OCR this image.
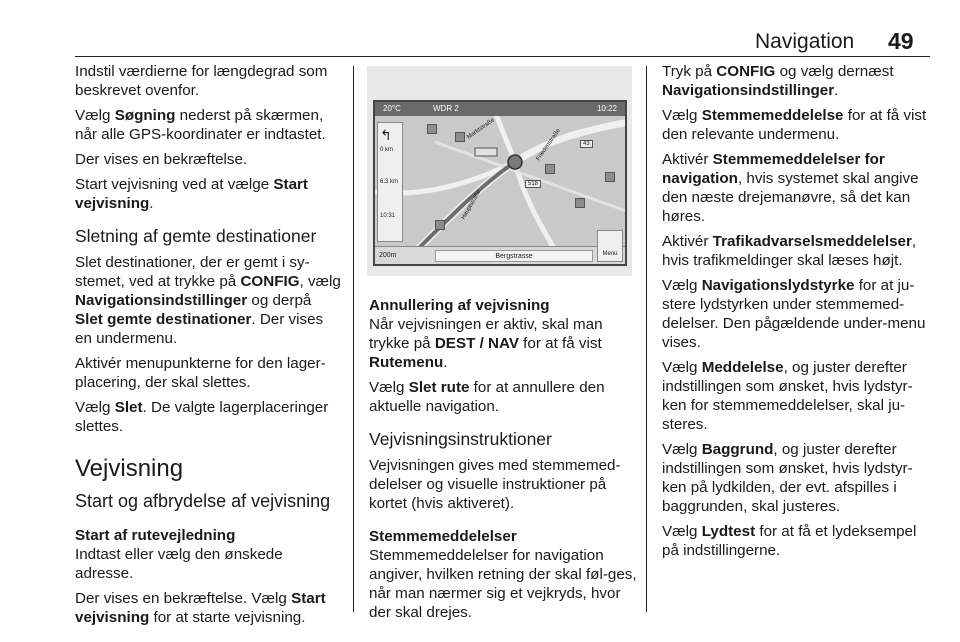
Navigation 49

Indstil værdierne for længdegrad som beskrevet ovenfor.

Vælg Søgning nederst på skærmen, når alle GPS-koordinater er indtastet.

Der vises en bekræftelse.

Start vejvisning ved at vælge Start vejvisning.

Sletning af gemte destinationer

Slet destinationer, der er gemt i sy-stemet, ved at trykke på CONFIG, vælg Navigationsindstillinger og derpå Slet gemte destinationer. Der vises en undermenu.

Aktivér menupunkterne for den lager-placering, der skal slettes.

Vælg Slet. De valgte lagerplaceringer slettes.

Vejvisning
Start og afbrydelse af vejvisning
Start af rutevejledning

Indtast eller vælg den ønskede adresse.

Der vises en bekræftelse. Vælg Start vejvisning for at starte vejvisning.

20°C	WDR 2	10:22
↰
0 km
6.3 km
10:31
518
43
Marktstraße	Friedenstraße
Hauptstraße
200m	Bergstrasse	Menu
Annullering af vejvisning

Når vejvisningen er aktiv, skal man trykke på DEST / NAV for at få vist Rutemenu.

Vælg Slet rute for at annullere den aktuelle navigation.

Vejvisningsinstruktioner

Vejvisningen gives med stemmemed-delelser og visuelle instruktioner på kortet (hvis aktiveret).

Stemmemeddelelser

Stemmemeddelelser for navigation angiver, hvilken retning der skal føl-ges, når man nærmer sig et vejkryds, hvor der skal drejes.

Tryk på CONFIG og vælg dernæst Navigationsindstillinger.

Vælg Stemmemeddelelse for at få vist den relevante undermenu.

Aktivér Stemmemeddelelser for navigation, hvis systemet skal angive den næste drejemanøvre, så det kan høres.

Aktivér Trafikadvarselsmeddelelser, hvis trafikmeldinger skal læses højt.

Vælg Navigationslydstyrke for at ju-stere lydstyrken under stemmemed-delelser. Den pågældende under-menu vises.

Vælg Meddelelse, og juster derefter indstillingen som ønsket, hvis lydstyr-ken for stemmemeddelelser, skal ju-steres.

Vælg Baggrund, og juster derefter indstillingen som ønsket, hvis lydstyr-ken på lydkilden, der evt. afspilles i baggrunden, skal justeres.

Vælg Lydtest for at få et lydeksempel på indstillingerne.
